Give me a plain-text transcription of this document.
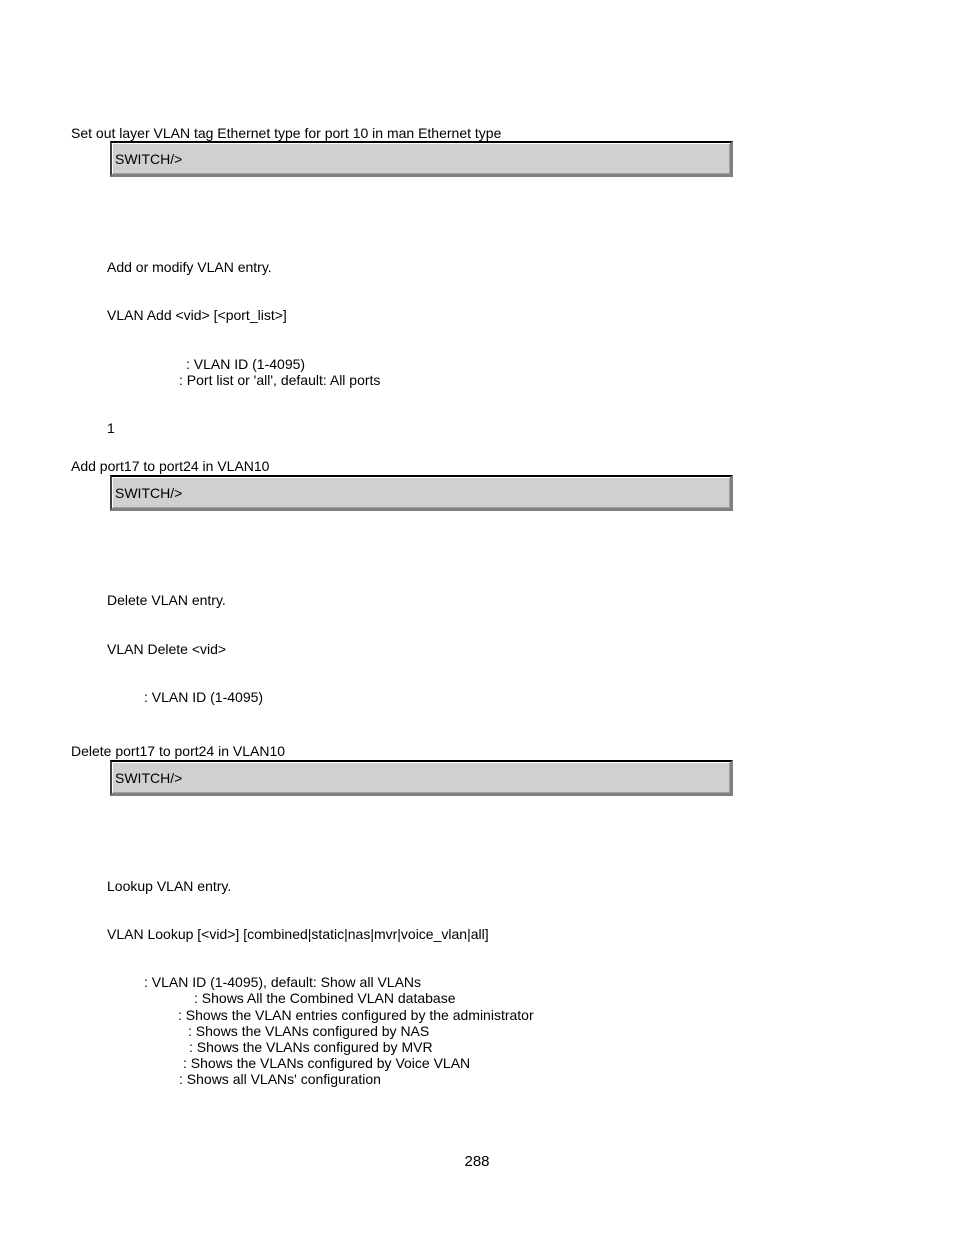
Set out layer VLAN tag Ethernet type for port 10 in man Ethernet type
SWITCH/>
Add or modify VLAN entry.
VLAN Add <vid> [<port_list>]
: VLAN ID (1-4095)
: Port list or 'all', default: All ports
1
Add port17 to port24 in VLAN10
SWITCH/>
Delete VLAN entry.
VLAN Delete <vid>
: VLAN ID (1-4095)
Delete port17 to port24 in VLAN10
SWITCH/>
Lookup VLAN entry.
VLAN Lookup [<vid>] [combined|static|nas|mvr|voice_vlan|all]
: VLAN ID (1-4095), default: Show all VLANs
: Shows All the Combined VLAN database
: Shows the VLAN entries configured by the administrator
: Shows the VLANs configured by NAS
: Shows the VLANs configured by MVR
: Shows the VLANs configured by Voice VLAN
: Shows all VLANs' configuration
288
